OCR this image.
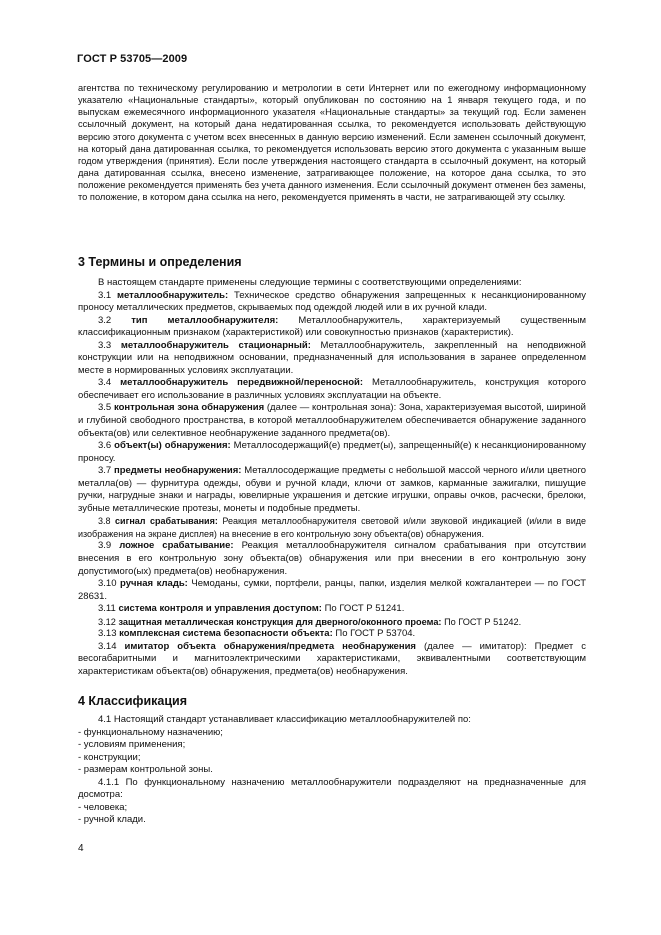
ГОСТ Р 53705—2009

агентства по техническому регулированию и метрологии в сети Интернет или по ежегодному информационному указателю «Национальные стандарты», который опубликован по состоянию на 1 января текущего года, и по выпускам ежемесячного информационного указателя «Национальные стандарты» за текущий год. Если заменен ссылочный документ, на который дана недатированная ссылка, то рекомендуется использовать действующую версию этого документа с учетом всех внесенных в данную версию изменений. Если заменен ссылочный документ, на который дана датированная ссылка, то рекомендуется использовать версию этого документа с указанным выше годом утверждения (принятия). Если после утверждения настоящего стандарта в ссылочный документ, на который дана датированная ссылка, внесено изменение, затрагивающее положение, на которое дана ссылка, то это положение рекомендуется применять без учета данного изменения. Если ссылочный документ отменен без замены, то положение, в котором дана ссылка на него, рекомендуется применять в части, не затрагивающей эту ссылку.

3 Термины и определения

В настоящем стандарте применены следующие термины с соответствующими определениями:

3.1 металлообнаружитель: Техническое средство обнаружения запрещенных к несанкционированному проносу металлических предметов, скрываемых под одеждой людей или в их ручной клади.

3.2 тип металлообнаружителя: Металлообнаружитель, характеризуемый существенным классификационным признаком (характеристикой) или совокупностью признаков (характеристик).

3.3 металлообнаружитель стационарный: Металлообнаружитель, закрепленный на неподвижной конструкции или на неподвижном основании, предназначенный для использования в заранее определенном месте в нормированных условиях эксплуатации.

3.4 металлообнаружитель передвижной/переносной: Металлообнаружитель, конструкция которого обеспечивает его использование в различных условиях эксплуатации на объекте.

3.5 контрольная зона обнаружения (далее — контрольная зона): Зона, характеризуемая высотой, шириной и глубиной свободного пространства, в которой металлообнаружителем обеспечивается обнаружение заданного объекта(ов) или селективное необнаружение заданного предмета(ов).

3.6 объект(ы) обнаружения: Металлосодержащий(е) предмет(ы), запрещенный(е) к несанкционированному проносу.

3.7 предметы необнаружения: Металлосодержащие предметы с небольшой массой черного и/или цветного металла(ов) — фурнитура одежды, обуви и ручной клади, ключи от замков, карманные зажигалки, пишущие ручки, нагрудные знаки и награды, ювелирные украшения и детские игрушки, оправы очков, расчески, брелоки, зубные металлические протезы, монеты и подобные предметы.

3.8 сигнал срабатывания: Реакция металлообнаружителя световой и/или звуковой индикацией (и/или в виде изображения на экране дисплея) на внесение в его контрольную зону объекта(ов) обнаружения.

3.9 ложное срабатывание: Реакция металлообнаружителя сигналом срабатывания при отсутствии внесения в его контрольную зону объекта(ов) обнаружения или при внесении в его контрольную зону допустимого(ых) предмета(ов) необнаружения.

3.10 ручная кладь: Чемоданы, сумки, портфели, ранцы, папки, изделия мелкой кожгалантереи — по ГОСТ 28631.

3.11 система контроля и управления доступом: По ГОСТ Р 51241.

3.12 защитная металлическая конструкция для дверного/оконного проема: По ГОСТ Р 51242.

3.13 комплексная система безопасности объекта: По ГОСТ Р 53704.

3.14 имитатор объекта обнаружения/предмета необнаружения (далее — имитатор): Предмет с весогабаритными и магнитоэлектрическими характеристиками, эквивалентными соответствующим характеристикам объекта(ов) обнаружения, предмета(ов) необнаружения.

4 Классификация

4.1 Настоящий стандарт устанавливает классификацию металлообнаружителей по:

- функциональному назначению;

- условиям применения;

- конструкции;

- размерам контрольной зоны.

4.1.1 По функциональному назначению металлообнаружители подразделяют на предназначенные для досмотра:

- человека;

- ручной клади.

4
